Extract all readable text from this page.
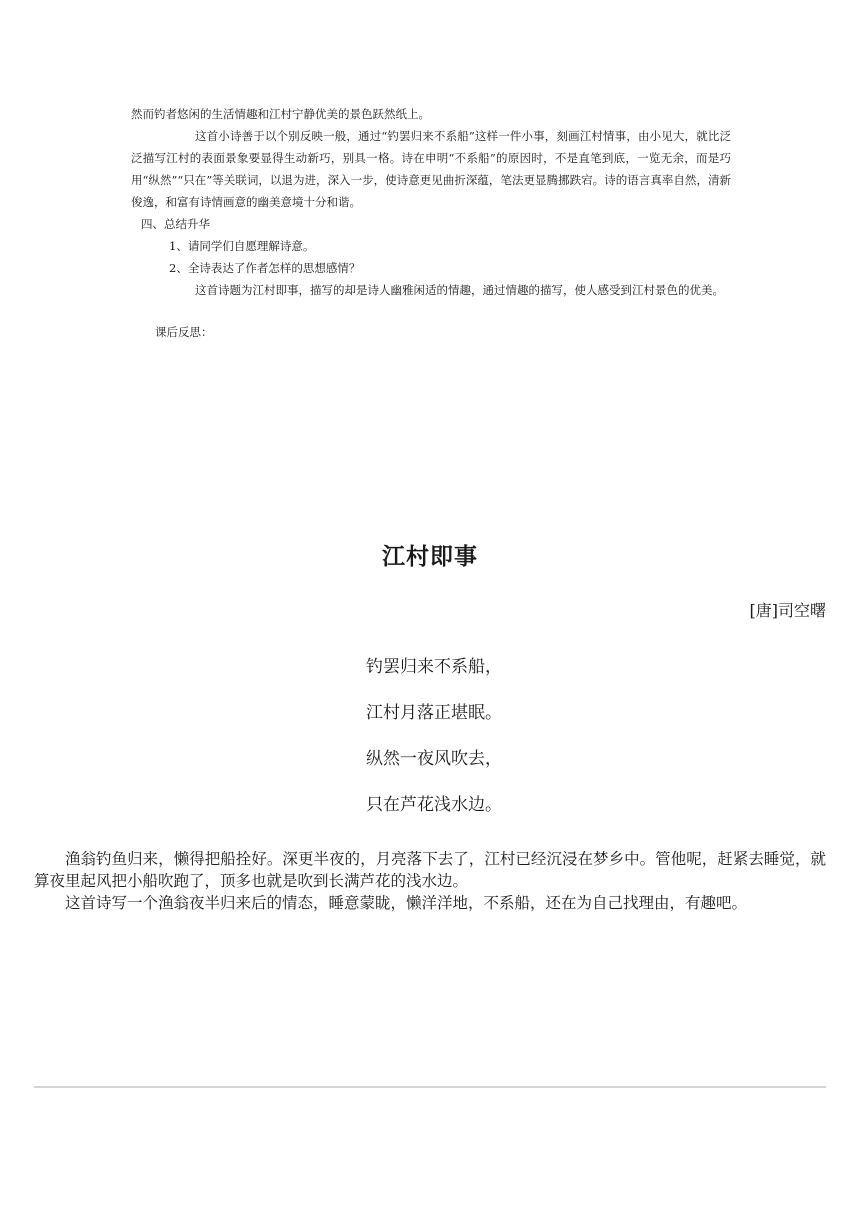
然而钓者悠闲的生活情趣和江村宁静优美的景色跃然纸上。

这首小诗善于以个别反映一般，通过“钓罢归来不系船”这样一件小事，刻画江村情事，由小见大，就比泛泛描写江村的表面景象要显得生动新巧，别具一格。诗在申明“不系船”的原因时，不是直笔到底，一览无余，而是巧用“纵然”“只在”等关联词，以退为进，深入一步，使诗意更见曲折深蕴，笔法更显腾挪跌宕。诗的语言真率自然，清新俊逸，和富有诗情画意的幽美意境十分和谐。

四、总结升华

1、请同学们自愿理解诗意。

2、全诗表达了作者怎样的思想感情？

这首诗题为江村即事，描写的却是诗人幽雅闲适的情趣，通过情趣的描写，使人感受到江村景色的优美。

课后反思：

江村即事
[唐]司空曙
钓罢归来不系船，
江村月落正堪眠。
纵然一夜风吹去，
只在芦花浅水边。

渔翁钓鱼归来，懒得把船拴好。深更半夜的，月亮落下去了，江村已经沉浸在梦乡中。管他呢，赶紧去睡觉，就算夜里起风把小船吹跑了，顶多也就是吹到长满芦花的浅水边。

这首诗写一个渔翁夜半归来后的情态，睡意蒙眬，懒洋洋地，不系船，还在为自己找理由，有趣吧。
